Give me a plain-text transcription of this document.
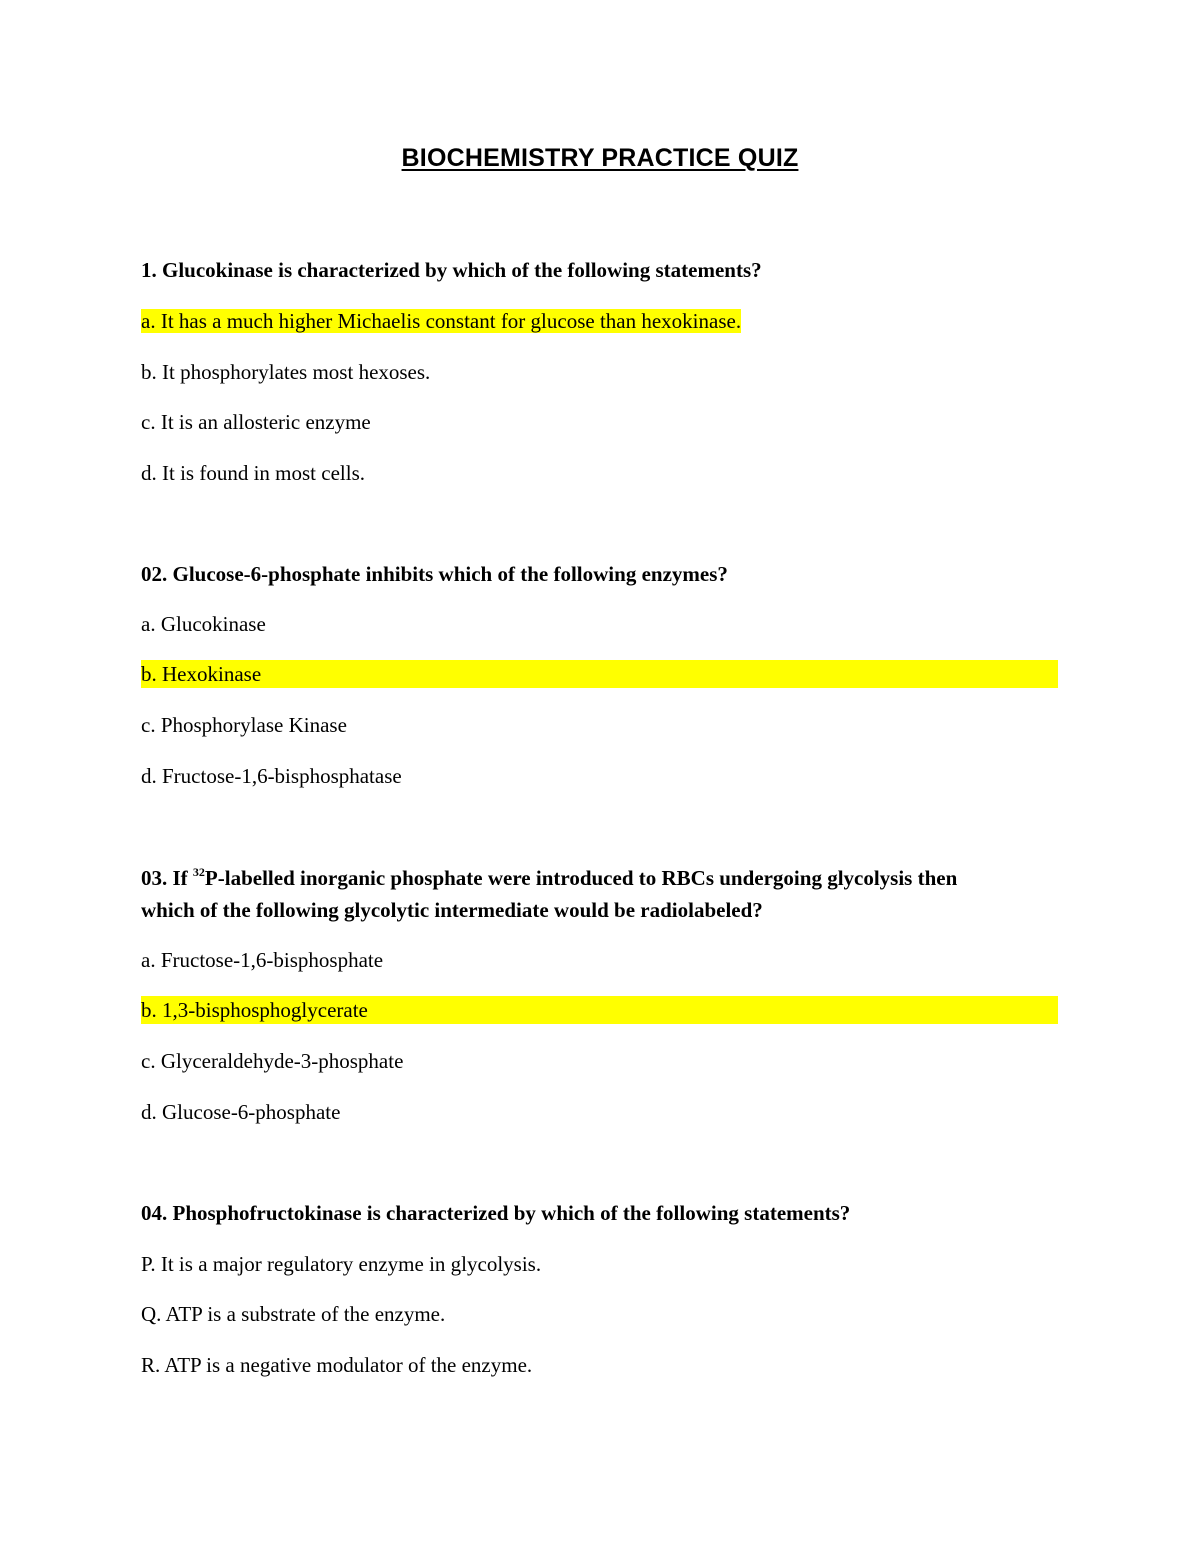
BIOCHEMISTRY PRACTICE QUIZ
1. Glucokinase is characterized by which of the following statements?
a. It has a much higher Michaelis constant for glucose than hexokinase.
b. It phosphorylates most hexoses.
c. It is an allosteric enzyme
d. It is found in most cells.
02. Glucose-6-phosphate inhibits which of the following enzymes?
a. Glucokinase
b. Hexokinase
c. Phosphorylase Kinase
d. Fructose-1,6-bisphosphatase
03. If $^{32}$P-labelled inorganic phosphate were introduced to RBCs undergoing glycolysis then
which of the following glycolytic intermediate would be radiolabeled?
a. Fructose-1,6-bisphosphate
b. 1,3-bisphosphoglycerate
c. Glyceraldehyde-3-phosphate
d. Glucose-6-phosphate
04. Phosphofructokinase is characterized by which of the following statements?
P. It is a major regulatory enzyme in glycolysis.
Q. ATP is a substrate of the enzyme.
R. ATP is a negative modulator of the enzyme.
